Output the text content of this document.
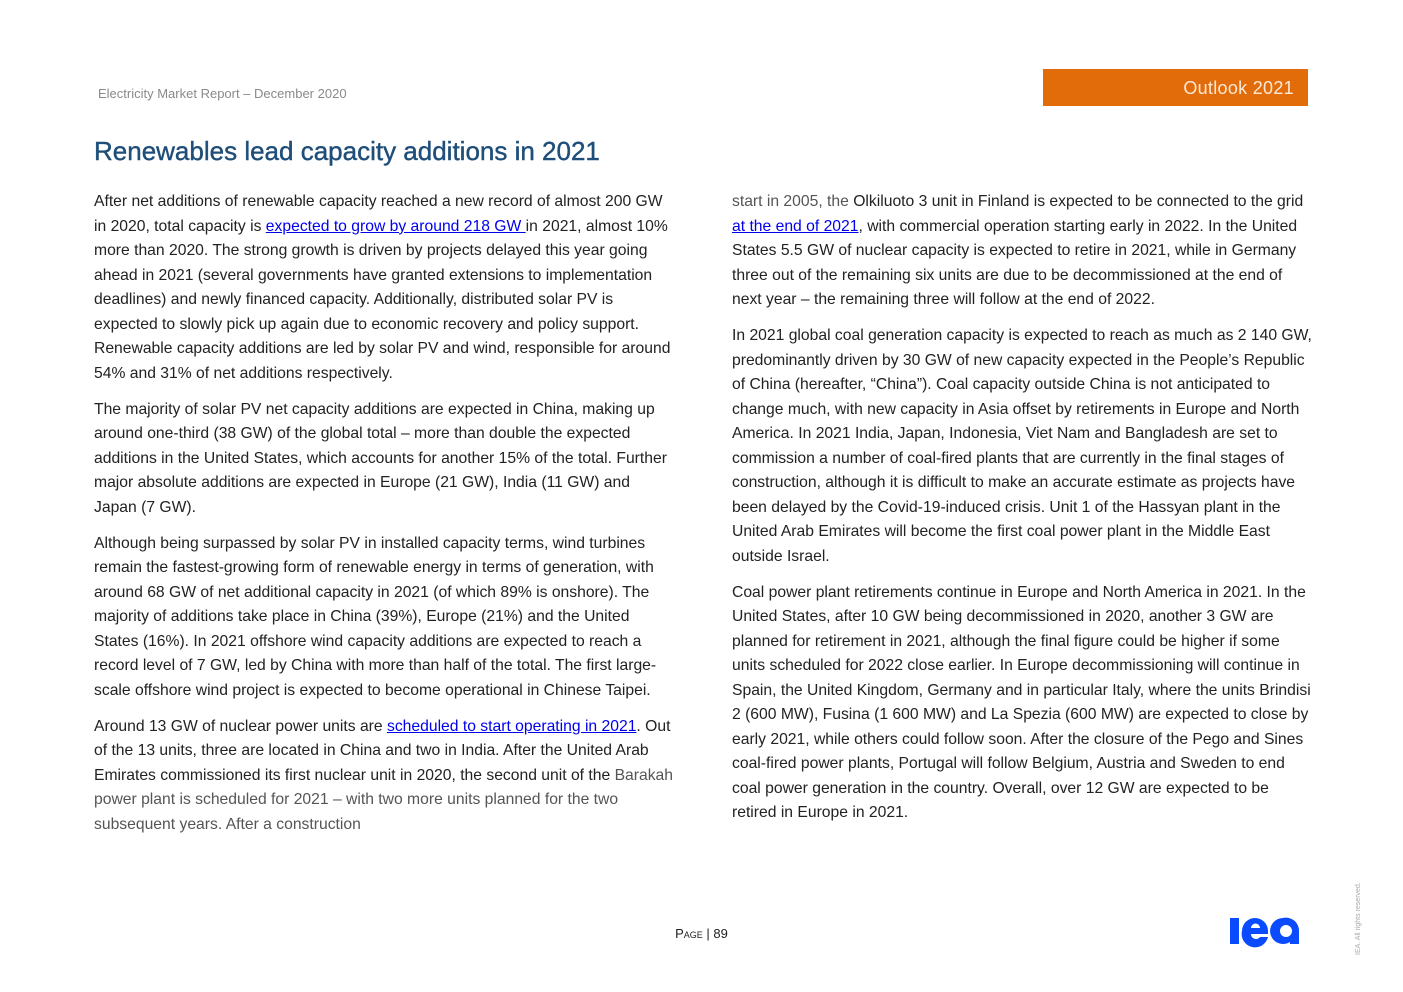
Electricity Market Report – December 2020	Outlook 2021
Renewables lead capacity additions in 2021

After net additions of renewable capacity reached a new record of almost 200 GW in 2020, total capacity is expected to grow by around 218 GW in 2021, almost 10% more than 2020. The strong growth is driven by projects delayed this year going ahead in 2021 (several governments have granted extensions to implementation deadlines) and newly financed capacity. Additionally, distributed solar PV is expected to slowly pick up again due to economic recovery and policy support. Renewable capacity additions are led by solar PV and wind, responsible for around 54% and 31% of net additions respectively.

The majority of solar PV net capacity additions are expected in China, making up around one-third (38 GW) of the global total – more than double the expected additions in the United States, which accounts for another 15% of the total. Further major absolute additions are expected in Europe (21 GW), India (11 GW) and Japan (7 GW).

Although being surpassed by solar PV in installed capacity terms, wind turbines remain the fastest-growing form of renewable energy in terms of generation, with around 68 GW of net additional capacity in 2021 (of which 89% is onshore). The majority of additions take place in China (39%), Europe (21%) and the United States (16%). In 2021 offshore wind capacity additions are expected to reach a record level of 7 GW, led by China with more than half of the total. The first large-scale offshore wind project is expected to become operational in Chinese Taipei.

Around 13 GW of nuclear power units are scheduled to start operating in 2021. Out of the 13 units, three are located in China and two in India. After the United Arab Emirates commissioned its first nuclear unit in 2020, the second unit of the Barakah power plant is scheduled for 2021 – with two more units planned for the two subsequent years. After a construction

start in 2005, the Olkiluoto 3 unit in Finland is expected to be connected to the grid at the end of 2021, with commercial operation starting early in 2022. In the United States 5.5 GW of nuclear capacity is expected to retire in 2021, while in Germany three out of the remaining six units are due to be decommissioned at the end of next year – the remaining three will follow at the end of 2022.

In 2021 global coal generation capacity is expected to reach as much as 2 140 GW, predominantly driven by 30 GW of new capacity expected in the People’s Republic of China (hereafter, “China”). Coal capacity outside China is not anticipated to change much, with new capacity in Asia offset by retirements in Europe and North America. In 2021 India, Japan, Indonesia, Viet Nam and Bangladesh are set to commission a number of coal-fired plants that are currently in the final stages of construction, although it is difficult to make an accurate estimate as projects have been delayed by the Covid-19-induced crisis. Unit 1 of the Hassyan plant in the United Arab Emirates will become the first coal power plant in the Middle East outside Israel.

Coal power plant retirements continue in Europe and North America in 2021. In the United States, after 10 GW being decommissioned in 2020, another 3 GW are planned for retirement in 2021, although the final figure could be higher if some units scheduled for 2022 close earlier. In Europe decommissioning will continue in Spain, the United Kingdom, Germany and in particular Italy, where the units Brindisi 2 (600 MW), Fusina (1 600 MW) and La Spezia (600 MW) are expected to close by early 2021, while others could follow soon. After the closure of the Pego and Sines coal-fired power plants, Portugal will follow Belgium, Austria and Sweden to end coal power generation in the country. Overall, over 12 GW are expected to be retired in Europe in 2021.

Page | 89	IEA. All rights reserved.
